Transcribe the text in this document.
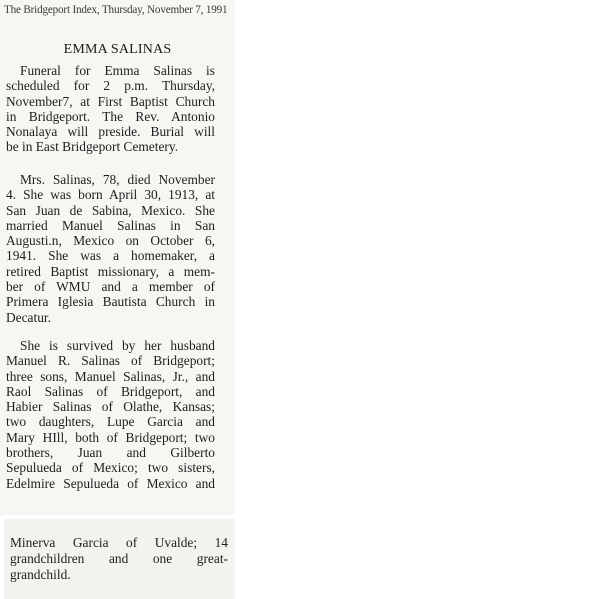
The Bridgeport Index, Thursday, November 7, 1991
EMMA SALINAS
Funeral for Emma Salinas is
scheduled for 2 p.m. Thursday,
November7, at First Baptist Church
in Bridgeport. The Rev. Antonio
Nonalaya will preside. Burial will
be in East Bridgeport Cemetery.
Mrs. Salinas, 78, died November
4. She was born April 30, 1913, at
San Juan de Sabina, Mexico. She
married Manuel Salinas in San
Augusti.n, Mexico on October 6,
1941. She was a homemaker, a
retired Baptist missionary, a mem-
ber of WMU and a member of
Primera Iglesia Bautista Church in
Decatur.
She is survived by her husband
Manuel R. Salinas of Bridgeport;
three sons, Manuel Salinas, Jr., and
Raol Salinas of Bridgeport, and
Habier Salinas of Olathe, Kansas;
two daughters, Lupe Garcia and
Mary HIll, both of Bridgeport; two
brothers, Juan and Gilberto
Sepulueda of Mexico; two sisters,
Edelmire Sepulueda of Mexico and
Minerva Garcia of Uvalde; 14
grandchildren and one great-
grandchild.
